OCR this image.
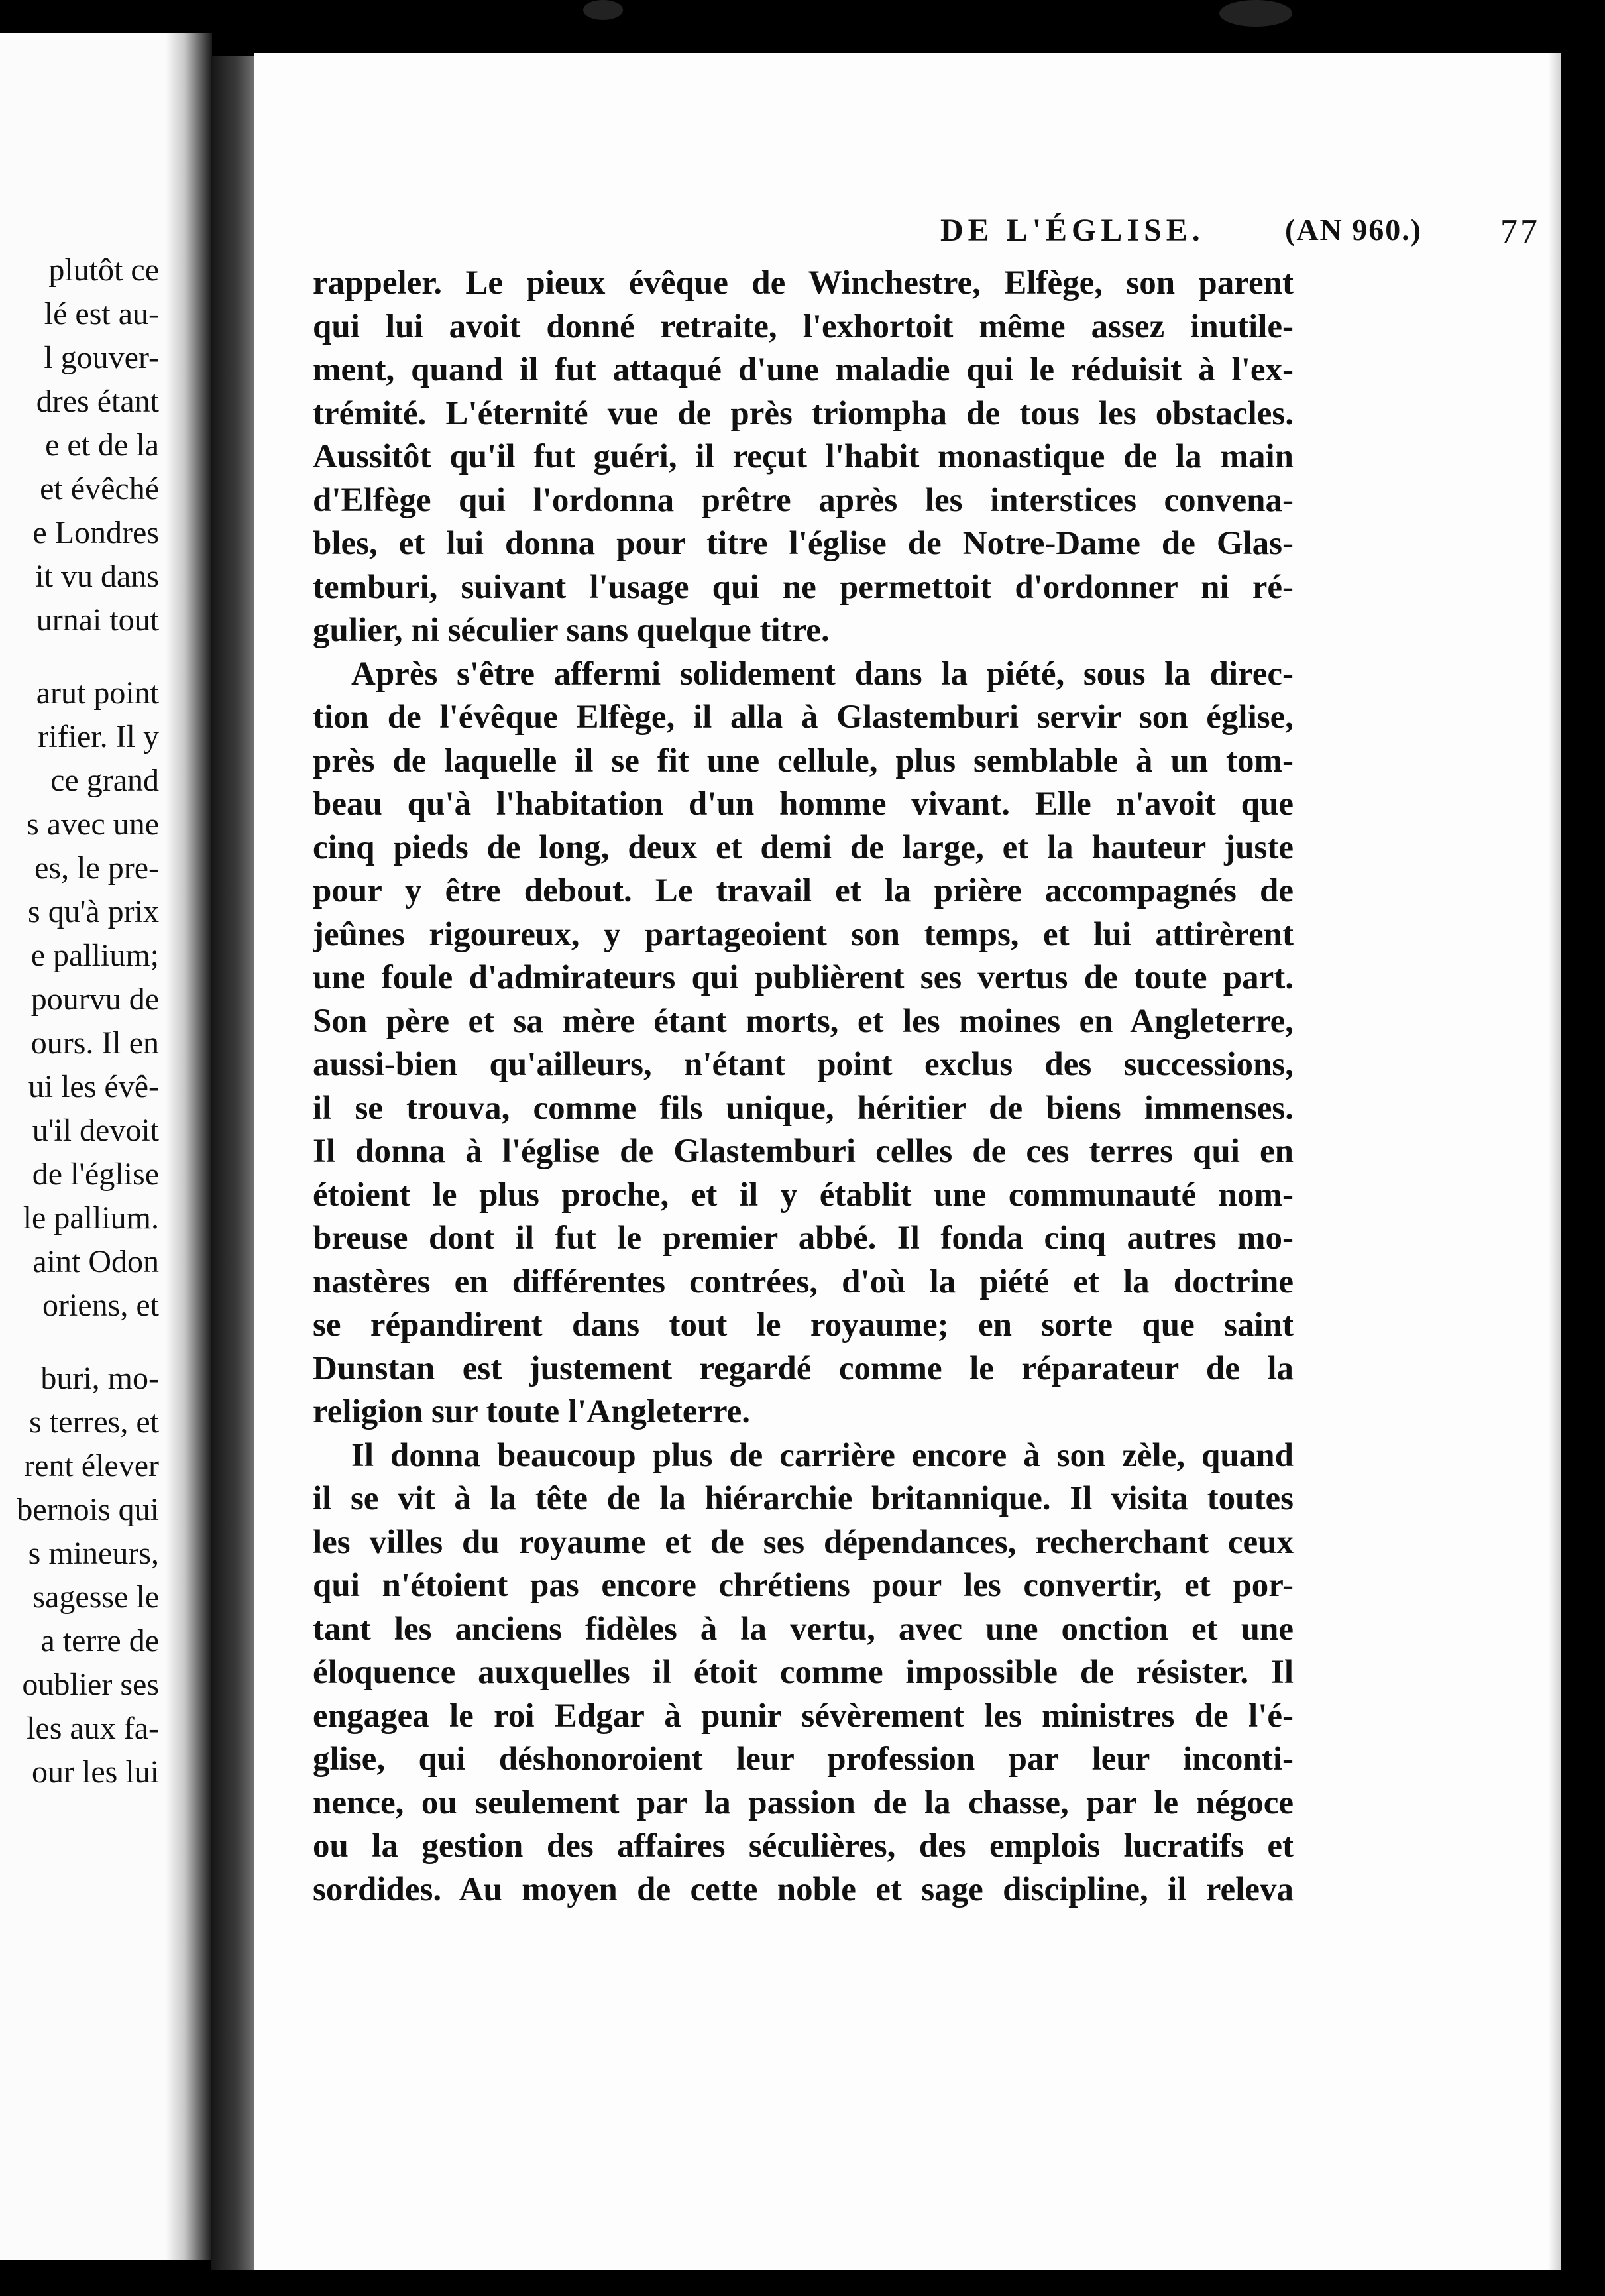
plutôt ce
lé est au-
l gouver-
dres étant
e et de la
et évêché
e Londres
it vu dans
urnai tout
arut point
rifier. Il y
ce grand
s avec une
es, le pre-
s qu'à prix
e pallium;
pourvu de
ours. Il en
ui les évê-
u'il devoit
de l'église
le pallium.
aint Odon
oriens, et
buri, mo-
s terres, et
rent élever
bernois qui
s mineurs,
sagesse le
a terre de
oublier ses
les aux fa-
our les lui
DE L'ÉGLISE.	(AN 960.) 77
rappeler. Le pieux évêque de Winchestre, Elfège, son parent
qui lui avoit donné retraite, l'exhortoit même assez inutile-
ment, quand il fut attaqué d'une maladie qui le réduisit à l'ex-
trémité. L'éternité vue de près triompha de tous les obstacles.
Aussitôt qu'il fut guéri, il reçut l'habit monastique de la main
d'Elfège qui l'ordonna prêtre après les interstices convena-
bles, et lui donna pour titre l'église de Notre-Dame de Glas-
temburi, suivant l'usage qui ne permettoit d'ordonner ni ré-
gulier, ni séculier sans quelque titre.
Après s'être affermi solidement dans la piété, sous la direc-
tion de l'évêque Elfège, il alla à Glastemburi servir son église,
près de laquelle il se fit une cellule, plus semblable à un tom-
beau qu'à l'habitation d'un homme vivant. Elle n'avoit que
cinq pieds de long, deux et demi de large, et la hauteur juste
pour y être debout. Le travail et la prière accompagnés de
jeûnes rigoureux, y partageoient son temps, et lui attirèrent
une foule d'admirateurs qui publièrent ses vertus de toute part.
Son père et sa mère étant morts, et les moines en Angleterre,
aussi-bien qu'ailleurs, n'étant point exclus des successions,
il se trouva, comme fils unique, héritier de biens immenses.
Il donna à l'église de Glastemburi celles de ces terres qui en
étoient le plus proche, et il y établit une communauté nom-
breuse dont il fut le premier abbé. Il fonda cinq autres mo-
nastères en différentes contrées, d'où la piété et la doctrine
se répandirent dans tout le royaume; en sorte que saint
Dunstan est justement regardé comme le réparateur de la
religion sur toute l'Angleterre.
Il donna beaucoup plus de carrière encore à son zèle, quand
il se vit à la tête de la hiérarchie britannique. Il visita toutes
les villes du royaume et de ses dépendances, recherchant ceux
qui n'étoient pas encore chrétiens pour les convertir, et por-
tant les anciens fidèles à la vertu, avec une onction et une
éloquence auxquelles il étoit comme impossible de résister. Il
engagea le roi Edgar à punir sévèrement les ministres de l'é-
glise, qui déshonoroient leur profession par leur inconti-
nence, ou seulement par la passion de la chasse, par le négoce
ou la gestion des affaires séculières, des emplois lucratifs et
sordides. Au moyen de cette noble et sage discipline, il releva
